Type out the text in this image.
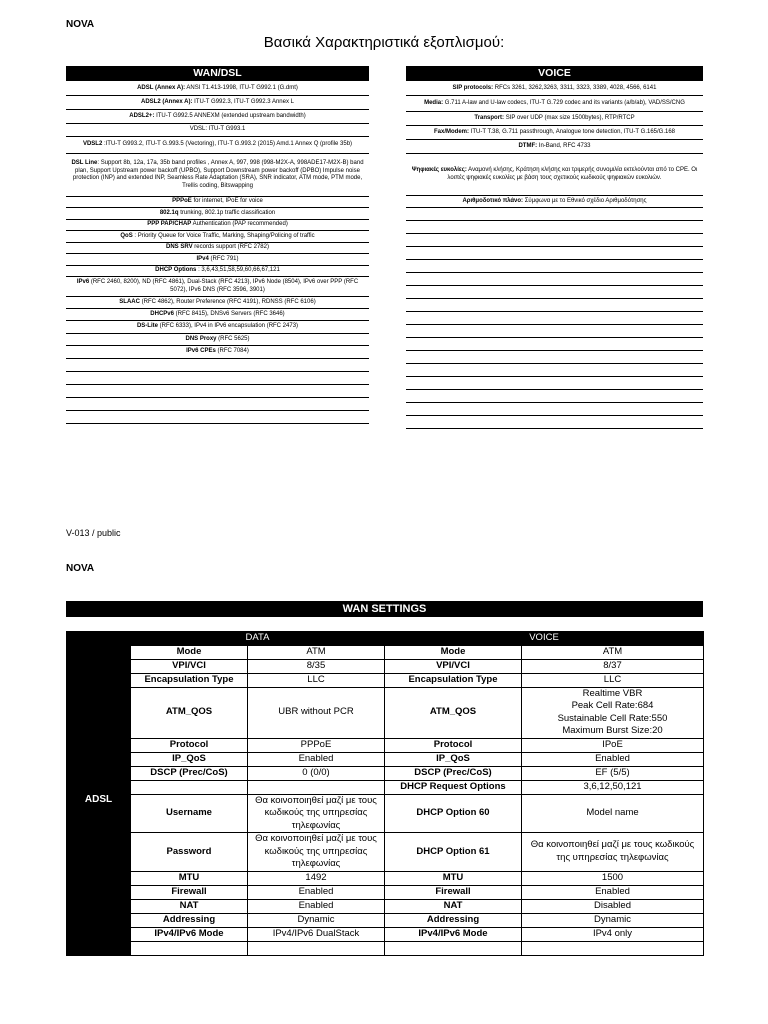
NOVA
Βασικά Χαρακτηριστικά εξοπλισμού:
WAN/DSL	VOICE
ADSL (Annex A): ANSI T1.413-1998, ITU-T G992.1 (G.dmt)
ADSL2 (Annex A): ITU-T G992.3, ITU-T G992.3 Annex L
ADSL2+: ITU-T G992.5 ANNEXM (extended upstream bandwidth)
VDSL: ITU-T G993.1
VDSL2 :ITU-T G993.2, ITU-T G.993.5 (Vectoring), ITU-T G.993.2 (2015) Amd.1 Annex Q (profile 35b)
DSL Line: Support 8b, 12a, 17a, 35b band profiles , Annex A, 997, 998 (998-M2X-A, 998ADE17-M2X-B) band plan, Support Upstream power backoff (UPBO), Support Downstream power backoff (DPBO) Impulse noise protection (INP) and extended INP, Seamless Rate Adaptation (SRA), SNR indicator, ATM mode, PTM mode, Trellis coding, Bitswapping
PPPoE for internet, IPoE for voice
802.1q trunking, 802.1p traffic classification
PPP PAP/CHAP Authentication (PAP recommended)
QoS : Priority Queue for Voice Traffic, Marking, Shaping/Policing of traffic
DNS SRV records support (RFC 2782)
IPv4 (RFC 791)
DHCP Options : 3,6,43,51,58,59,60,66,67,121
IPv6 (RFC 2460, 8200), ND (RFC 4861), Dual-Stack (RFC 4213), IPv6 Node (8504), IPv6 over PPP (RFC 5072), IPv6 DNS (RFC 3596, 3901)
SLAAC (RFC 4862), Router Preference (RFC 4191), RDNSS (RFC 6106)
DHCPv6 (RFC 8415), DNSv6 Servers (RFC 3646)
DS-Lite (RFC 6333), IPv4 in IPv6 encapsulation (RFC 2473)
DNS Proxy (RFC 5625)
IPv6 CPEs (RFC 7084)
SIP protocols: RFCs 3261, 3262,3263, 3311, 3323, 3389, 4028, 4566, 6141
Media: G.711 A-law and U-law codecs, ITU-T G.729 codec and its variants (a/b/ab), VAD/SS/CNG
Transport: SIP over UDP (max size 1500bytes), RTP/RTCP
Fax/Modem: ITU-T T.38, G.711 passthrough, Analogue tone detection, ITU-T G.165/G.168
DTMF: In-Band, RFC 4733
Ψηφιακές ευκολίες: Αναμονή κλήσης, Κράτηση κλήσης και τριμερής συνομιλία εκτελούνται από το CPE. Οι λοιπές ψηφιακές ευκολίες με βάση τους σχετικούς κωδικούς ψηφιακών ευκολιών.
Αριθμοδοτικό πλάνο: Σύμφωνα με το Εθνικό σχέδιο Αριθμοδότησης
V-013 / public
NOVA
WAN SETTINGS
	DATA		VOICE	
ADSL	Mode	ATM	Mode	ATM
	VPI/VCI	8/35	VPI/VCI	8/37
	Encapsulation Type	LLC	Encapsulation Type	LLC
	ATM_QOS	UBR without PCR	ATM_QOS	Realtime VBR
Peak Cell Rate:684
Sustainable Cell Rate:550
Maximum Burst Size:20
	Protocol	PPPoE	Protocol	IPoE
	IP_QoS	Enabled	IP_QoS	Enabled
	DSCP (Prec/CoS)	0 (0/0)	DSCP (Prec/CoS)	EF (5/5)
			DHCP Request Options	3,6,12,50,121
	Username	Θα κοινοποιηθεί μαζί με τους κωδικούς της υπηρεσίας τηλεφωνίας	DHCP Option 60	Model name
	Password	Θα κοινοποιηθεί μαζί με τους κωδικούς της υπηρεσίας τηλεφωνίας	DHCP Option 61	Θα κοινοποιηθεί μαζί με τους κωδικούς της υπηρεσίας τηλεφωνίας
	MTU	1492	MTU	1500
	Firewall	Enabled	Firewall	Enabled
	NAT	Enabled	NAT	Disabled
	Addressing	Dynamic	Addressing	Dynamic
	IPv4/IPv6 Mode	IPv4/IPv6 DualStack	IPv4/IPv6 Mode	IPv4 only
